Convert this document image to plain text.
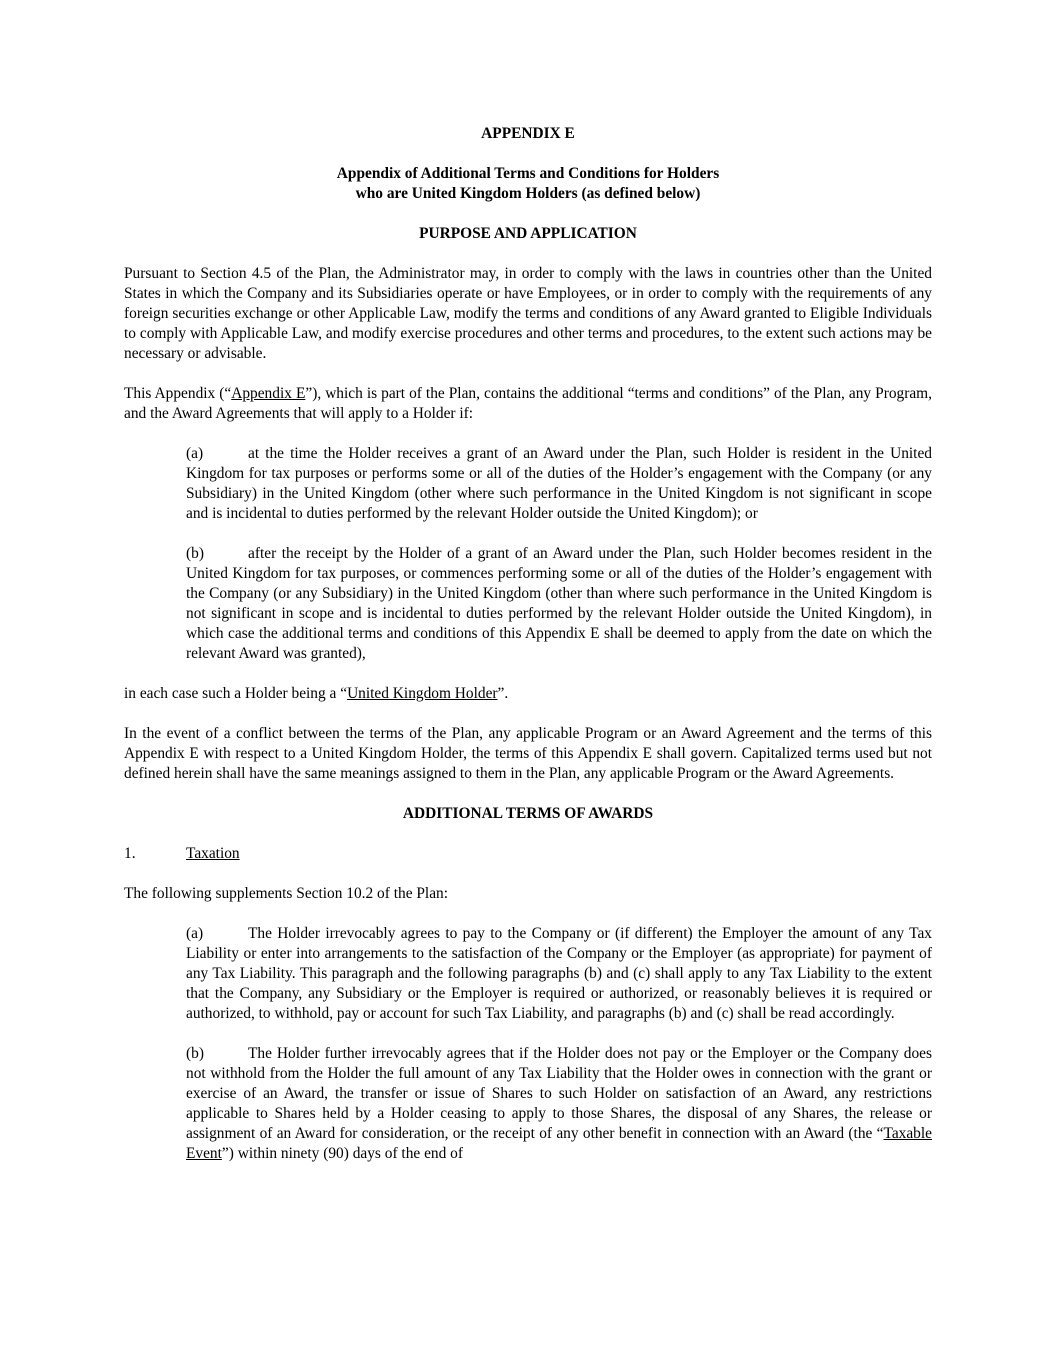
APPENDIX E

Appendix of Additional Terms and Conditions for Holders

who are United Kingdom Holders (as defined below)

PURPOSE AND APPLICATION

Pursuant to Section 4.5 of the Plan, the Administrator may, in order to comply with the laws in countries other than the United States in which the Company and its Subsidiaries operate or have Employees, or in order to comply with the requirements of any foreign securities exchange or other Applicable Law, modify the terms and conditions of any Award granted to Eligible Individuals to comply with Applicable Law, and modify exercise procedures and other terms and procedures, to the extent such actions may be necessary or advisable.

This Appendix (“Appendix E”), which is part of the Plan, contains the additional “terms and conditions” of the Plan, any Program, and the Award Agreements that will apply to a Holder if:

(a)	at the time the Holder receives a grant of an Award under the Plan, such Holder is resident in the United Kingdom for tax purposes or performs some or all of the duties of the Holder’s engagement with the Company (or any Subsidiary) in the United Kingdom (other where such performance in the United Kingdom is not significant in scope and is incidental to duties performed by the relevant Holder outside the United Kingdom); or
(b)	after the receipt by the Holder of a grant of an Award under the Plan, such Holder becomes resident in the United Kingdom for tax purposes, or commences performing some or all of the duties of the Holder’s engagement with the Company (or any Subsidiary) in the United Kingdom (other than where such performance in the United Kingdom is not significant in scope and is incidental to duties performed by the relevant Holder outside the United Kingdom), in which case the additional terms and conditions of this Appendix E shall be deemed to apply from the date on which the relevant Award was granted),

in each case such a Holder being a “United Kingdom Holder”.

In the event of a conflict between the terms of the Plan, any applicable Program or an Award Agreement and the terms of this Appendix E with respect to a United Kingdom Holder, the terms of this Appendix E shall govern. Capitalized terms used but not defined herein shall have the same meanings assigned to them in the Plan, any applicable Program or the Award Agreements.

ADDITIONAL TERMS OF AWARDS

1.	Taxation

The following supplements Section 10.2 of the Plan:

(a)	The Holder irrevocably agrees to pay to the Company or (if different) the Employer the amount of any Tax Liability or enter into arrangements to the satisfaction of the Company or the Employer (as appropriate) for payment of any Tax Liability. This paragraph and the following paragraphs (b) and (c) shall apply to any Tax Liability to the extent that the Company, any Subsidiary or the Employer is required or authorized, or reasonably believes it is required or authorized, to withhold, pay or account for such Tax Liability, and paragraphs (b) and (c) shall be read accordingly.
(b)	The Holder further irrevocably agrees that if the Holder does not pay or the Employer or the Company does not withhold from the Holder the full amount of any Tax Liability that the Holder owes in connection with the grant or exercise of an Award, the transfer or issue of Shares to such Holder on satisfaction of an Award, any restrictions applicable to Shares held by a Holder ceasing to apply to those Shares, the disposal of any Shares, the release or assignment of an Award for consideration, or the receipt of any other benefit in connection with an Award (the “Taxable Event”) within ninety (90) days of the end of
